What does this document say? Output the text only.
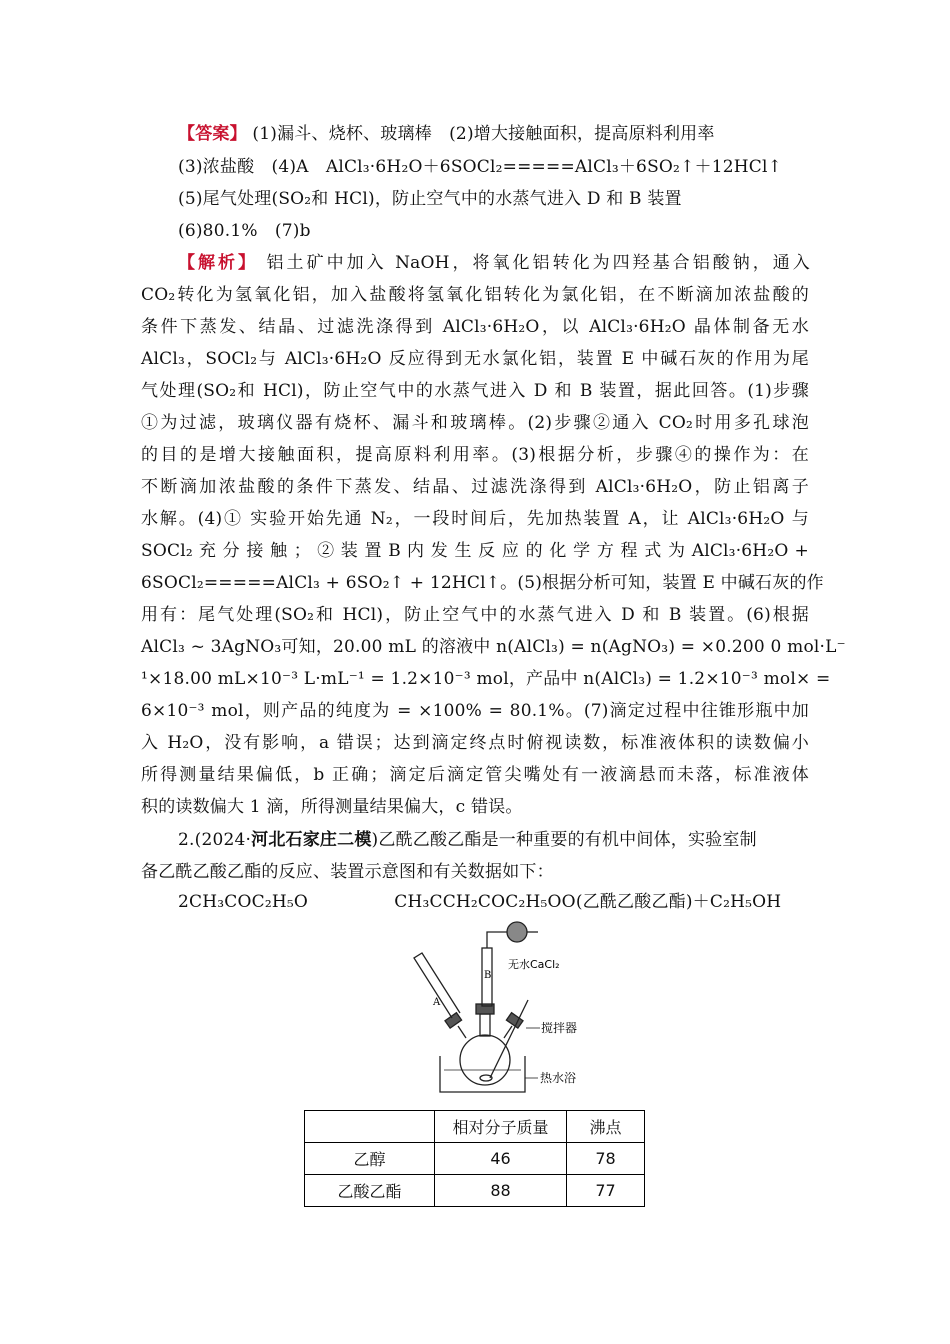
【答案】 (1)漏斗、烧杯、玻璃棒　(2)增大接触面积，提高原料利用率
(3)浓盐酸　(4)A　AlCl₃·6H₂O＋6SOCl₂=====AlCl₃＋6SO₂↑＋12HCl↑
(5)尾气处理(SO₂和 HCl)，防止空气中的水蒸气进入 D 和 B 装置
(6)80.1%　(7)b
【解析】 铝土矿中加入 NaOH，将氧化铝转化为四羟基合铝酸钠，通入
CO₂转化为氢氧化铝，加入盐酸将氢氧化铝转化为氯化铝，在不断滴加浓盐酸的
条件下蒸发、结晶、过滤洗涤得到 AlCl₃·6H₂O，以 AlCl₃·6H₂O 晶体制备无水
AlCl₃，SOCl₂与 AlCl₃·6H₂O 反应得到无水氯化铝，装置 E 中碱石灰的作用为尾
气处理(SO₂和 HCl)，防止空气中的水蒸气进入 D 和 B 装置，据此回答。(1)步骤
①为过滤，玻璃仪器有烧杯、漏斗和玻璃棒。(2)步骤②通入 CO₂时用多孔球泡
的目的是增大接触面积，提高原料利用率。(3)根据分析，步骤④的操作为：在
不断滴加浓盐酸的条件下蒸发、结晶、过滤洗涤得到 AlCl₃·6H₂O，防止铝离子
水解。(4)① 实验开始先通 N₂，一段时间后，先加热装置 A，让 AlCl₃·6H₂O 与
SOCl₂ 充 分 接 触 ； ② 装 置 B 内 发 生 反 应 的 化 学 方 程 式 为 AlCl₃·6H₂O +
6SOCl₂=====AlCl₃ + 6SO₂↑ + 12HCl↑。(5)根据分析可知，装置 E 中碱石灰的作
用有：尾气处理(SO₂和 HCl)，防止空气中的水蒸气进入 D 和 B 装置。(6)根据
AlCl₃ ~ 3AgNO₃可知，20.00 mL 的溶液中 n(AlCl₃) = n(AgNO₃) = ×0.200 0 mol·L⁻
¹×18.00 mL×10⁻³ L·mL⁻¹ = 1.2×10⁻³ mol，产品中 n(AlCl₃) = 1.2×10⁻³ mol× =
6×10⁻³ mol，则产品的纯度为 = ×100% = 80.1%。(7)滴定过程中往锥形瓶中加
入 H₂O，没有影响，a 错误；达到滴定终点时俯视读数，标准液体积的读数偏小
所得测量结果偏低，b 正确；滴定后滴定管尖嘴处有一液滴悬而未落，标准液体
积的读数偏大 1 滴，所得测量结果偏大，c 错误。
2.(2024·河北石家庄二模)乙酰乙酸乙酯是一种重要的有机中间体，实验室制
备乙酰乙酸乙酯的反应、装置示意图和有关数据如下：
2CH₃COC₂H₅O	CH₃CCH₂COC₂H₅OO(乙酰乙酸乙酯)＋C₂H₅OH
A
B
无水CaCl₂
搅拌器
热水浴
	相对分子质量	沸点
乙醇	46	78
乙酸乙酯	88	77
